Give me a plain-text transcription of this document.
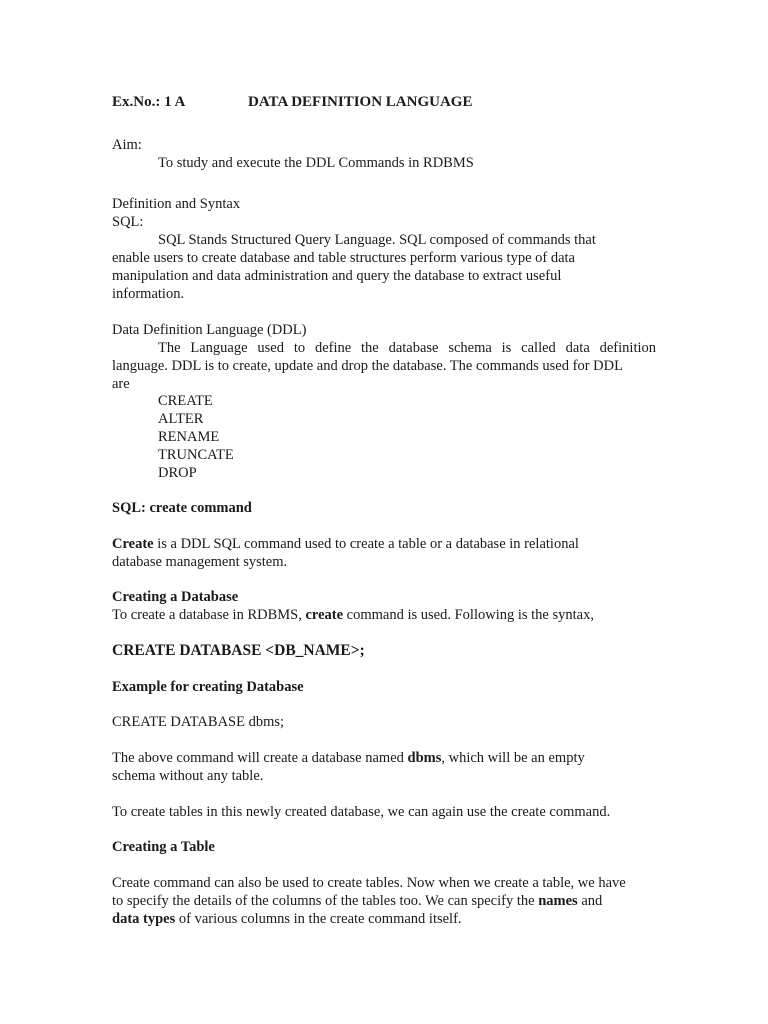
Ex.No.: 1 A	DATA DEFINITION LANGUAGE
Aim:
To study and execute the DDL Commands in RDBMS
Definition and Syntax
SQL:
SQL Stands Structured Query Language. SQL composed of commands that
enable users to create database and table structures perform various type of data
manipulation and data administration and query the database to extract useful
information.
Data Definition Language (DDL)
The Language used to define the database schema is called data definition
language. DDL is to create, update and drop the database. The commands used for DDL
are
CREATE
ALTER
RENAME
TRUNCATE
DROP
SQL: create command
Create is a DDL SQL command used to create a table or a database in relational
database management system.
Creating a Database
To create a database in RDBMS, create command is used. Following is the syntax,
CREATE DATABASE <DB_NAME>;
Example for creating Database
CREATE DATABASE dbms;
The above command will create a database named dbms, which will be an empty
schema without any table.
To create tables in this newly created database, we can again use the create command.
Creating a Table
Create command can also be used to create tables. Now when we create a table, we have
to specify the details of the columns of the tables too. We can specify the names and
data types of various columns in the create command itself.
